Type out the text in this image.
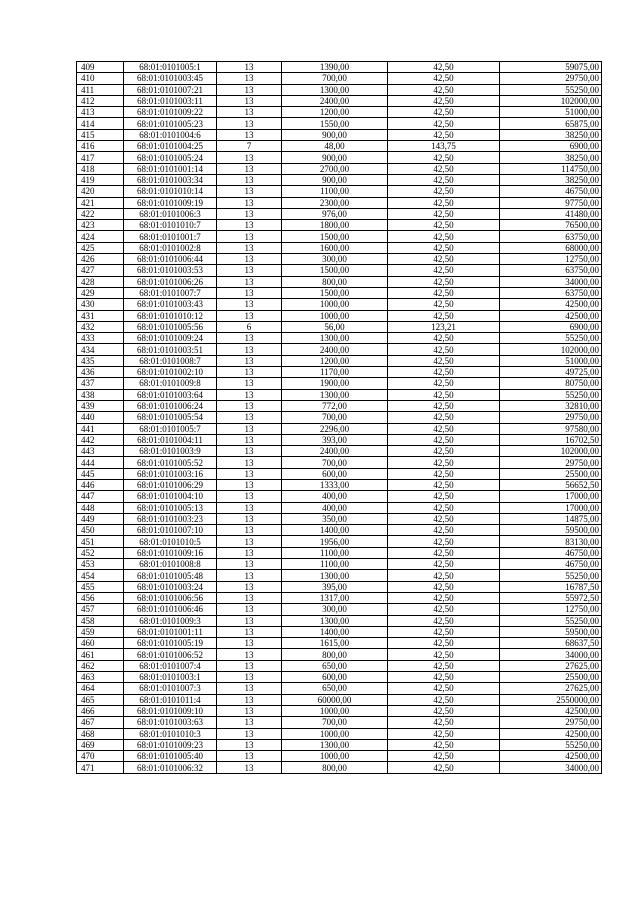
409	68:01:0101005:1	13	1390,00	42,50	59075,00
410	68:01:0101003:45	13	700,00	42,50	29750,00
411	68:01:0101007:21	13	1300,00	42,50	55250,00
412	68:01:0101003:11	13	2400,00	42,50	102000,00
413	68:01:0101009:22	13	1200,00	42,50	51000,00
414	68:01:0101005:23	13	1550,00	42,50	65875,00
415	68:01:0101004:6	13	900,00	42,50	38250,00
416	68:01:0101004:25	7	48,00	143,75	6900,00
417	68:01:0101005:24	13	900,00	42,50	38250,00
418	68:01:0101001:14	13	2700,00	42,50	114750,00
419	68:01:0101003:34	13	900,00	42,50	38250,00
420	68:01:0101010:14	13	1100,00	42,50	46750,00
421	68:01:0101009:19	13	2300,00	42,50	97750,00
422	68:01:0101006:3	13	976,00	42,50	41480,00
423	68:01:0101010:7	13	1800,00	42,50	76500,00
424	68:01:0101001:7	13	1500,00	42,50	63750,00
425	68:01:0101002:8	13	1600,00	42,50	68000,00
426	68:01:0101006:44	13	300,00	42,50	12750,00
427	68:01:0101003:53	13	1500,00	42,50	63750,00
428	68:01:0101006:26	13	800,00	42,50	34000,00
429	68:01:0101007:7	13	1500,00	42,50	63750,00
430	68:01:0101003:43	13	1000,00	42,50	42500,00
431	68:01:0101010:12	13	1000,00	42,50	42500,00
432	68:01:0101005:56	6	56,00	123,21	6900,00
433	68:01:0101009:24	13	1300,00	42,50	55250,00
434	68:01:0101003:51	13	2400,00	42,50	102000,00
435	68:01:0101008:7	13	1200,00	42,50	51000,00
436	68:01:0101002:10	13	1170,00	42,50	49725,00
437	68:01:0101009:8	13	1900,00	42,50	80750,00
438	68:01:0101003:64	13	1300,00	42,50	55250,00
439	68:01:0101006:24	13	772,00	42,50	32810,00
440	68:01:0101005:54	13	700,00	42,50	29750,00
441	68:01:0101005:7	13	2296,00	42,50	97580,00
442	68:01:0101004:11	13	393,00	42,50	16702,50
443	68:01:0101003:9	13	2400,00	42,50	102000,00
444	68:01:0101005:52	13	700,00	42,50	29750,00
445	68:01:0101003:16	13	600,00	42,50	25500,00
446	68:01:0101006:29	13	1333,00	42,50	56652,50
447	68:01:0101004:10	13	400,00	42,50	17000,00
448	68:01:0101005:13	13	400,00	42,50	17000,00
449	68:01:0101003:23	13	350,00	42,50	14875,00
450	68:01:0101007:10	13	1400,00	42,50	59500,00
451	68:01:0101010:5	13	1956,00	42,50	83130,00
452	68:01:0101009:16	13	1100,00	42,50	46750,00
453	68:01:0101008:8	13	1100,00	42,50	46750,00
454	68:01:0101005:48	13	1300,00	42,50	55250,00
455	68:01:0101003:24	13	395,00	42,50	16787,50
456	68:01:0101006:56	13	1317,00	42,50	55972,50
457	68:01:0101006:46	13	300,00	42,50	12750,00
458	68:01:0101009:3	13	1300,00	42,50	55250,00
459	68:01:0101001:11	13	1400,00	42,50	59500,00
460	68:01:0101005:19	13	1615,00	42,50	68637,50
461	68:01:0101006:52	13	800,00	42,50	34000,00
462	68:01:0101007:4	13	650,00	42,50	27625,00
463	68:01:0101003:1	13	600,00	42,50	25500,00
464	68:01:0101007:3	13	650,00	42,50	27625,00
465	68:01:0101011:4	13	60000,00	42,50	2550000,00
466	68:01:0101009:10	13	1000,00	42,50	42500,00
467	68:01:0101003:63	13	700,00	42,50	29750,00
468	68:01:0101010:3	13	1000,00	42,50	42500,00
469	68:01:0101009:23	13	1300,00	42,50	55250,00
470	68:01:0101005:40	13	1000,00	42,50	42500,00
471	68:01:0101006:32	13	800,00	42,50	34000,00
